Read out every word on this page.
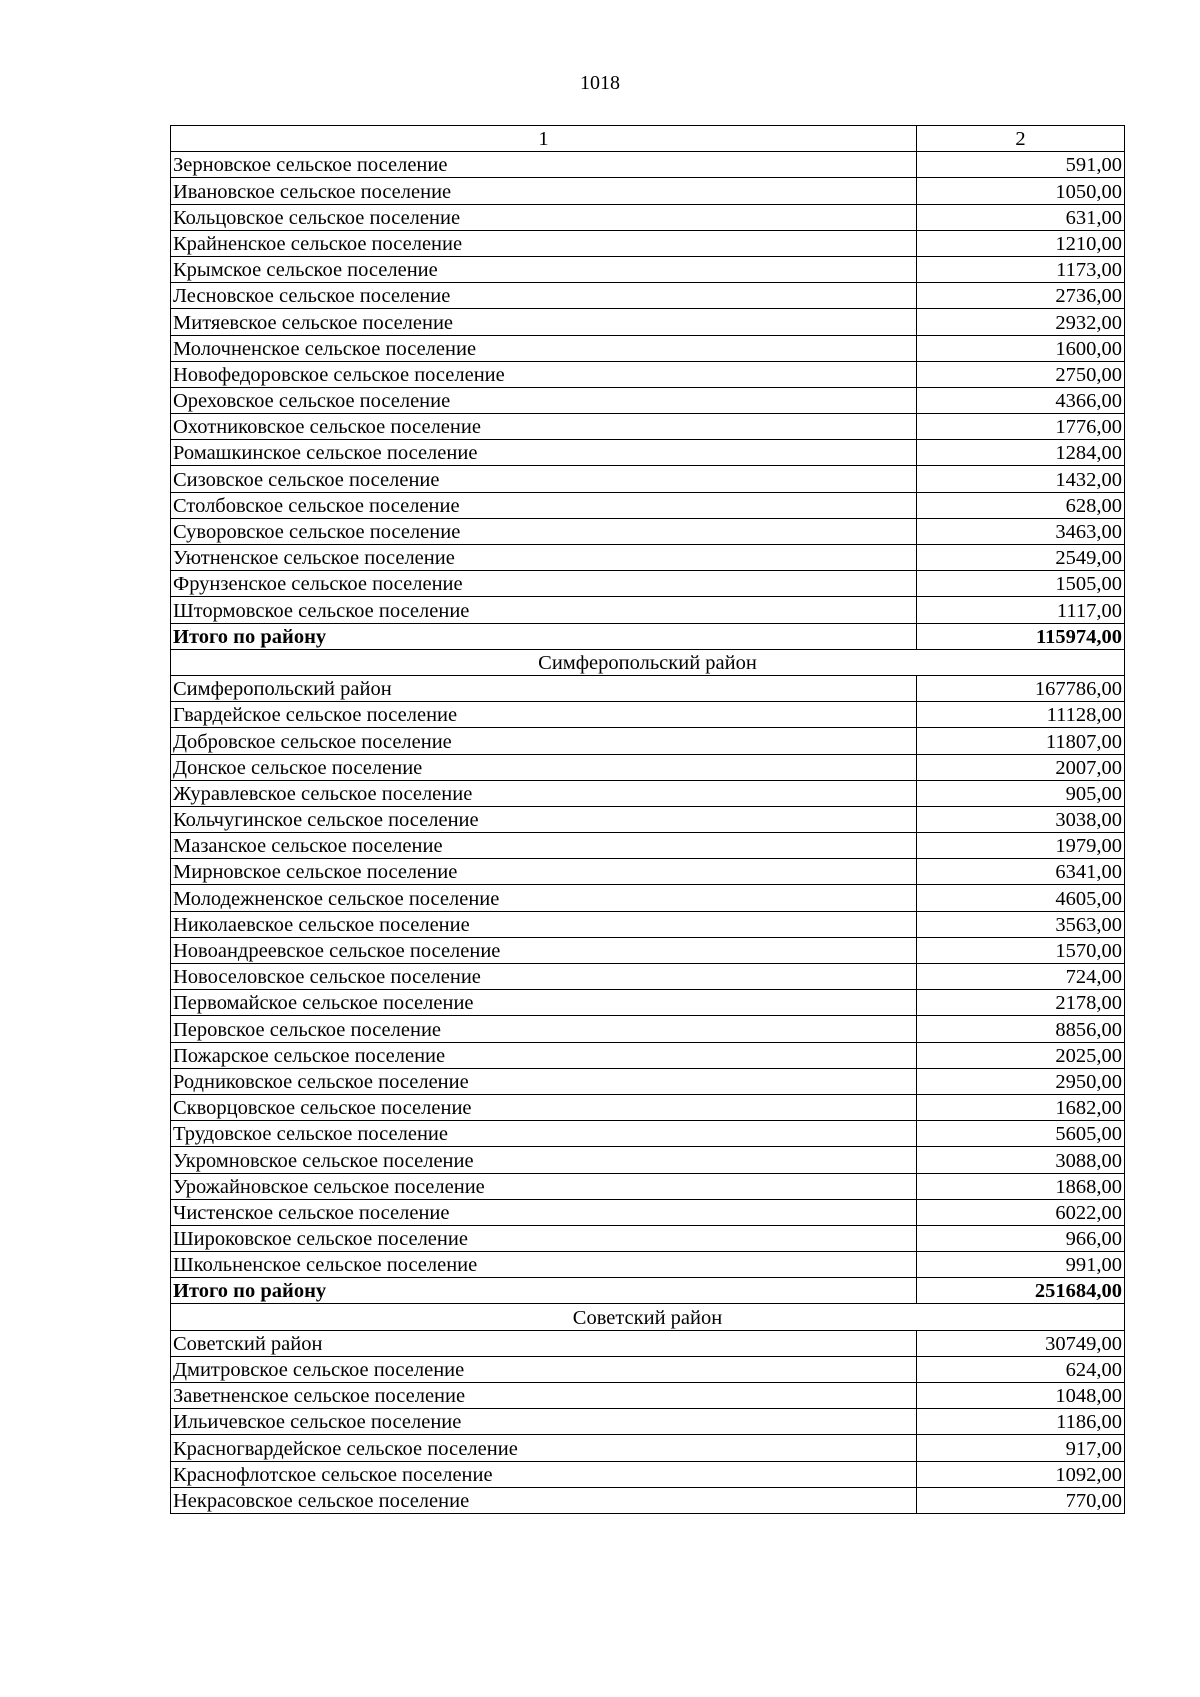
1018
1	2
Зерновское сельское поселение	591,00
Ивановское сельское поселение	1050,00
Кольцовское сельское поселение	631,00
Крайненское сельское поселение	1210,00
Крымское сельское поселение	1173,00
Лесновское сельское поселение	2736,00
Митяевское сельское поселение	2932,00
Молочненское сельское поселение	1600,00
Новофедоровское сельское поселение	2750,00
Ореховское сельское поселение	4366,00
Охотниковское сельское поселение	1776,00
Ромашкинское сельское поселение	1284,00
Сизовское сельское поселение	1432,00
Столбовское сельское поселение	628,00
Суворовское сельское поселение	3463,00
Уютненское сельское поселение	2549,00
Фрунзенское сельское поселение	1505,00
Штормовское сельское поселение	1117,00
Итого по району	115974,00
Симферопольский район	
Симферопольский район	167786,00
Гвардейское сельское поселение	11128,00
Добровское сельское поселение	11807,00
Донское сельское поселение	2007,00
Журавлевское сельское поселение	905,00
Кольчугинское сельское поселение	3038,00
Мазанское сельское поселение	1979,00
Мирновское сельское поселение	6341,00
Молодежненское сельское поселение	4605,00
Николаевское сельское поселение	3563,00
Новоандреевское сельское поселение	1570,00
Новоселовское сельское поселение	724,00
Первомайское сельское поселение	2178,00
Перовское сельское поселение	8856,00
Пожарское сельское поселение	2025,00
Родниковское сельское поселение	2950,00
Скворцовское сельское поселение	1682,00
Трудовское сельское поселение	5605,00
Укромновское сельское поселение	3088,00
Урожайновское сельское поселение	1868,00
Чистенское сельское поселение	6022,00
Широковское сельское поселение	966,00
Школьненское сельское поселение	991,00
Итого по району	251684,00
Советский район	
Советский район	30749,00
Дмитровское сельское поселение	624,00
Заветненское сельское поселение	1048,00
Ильичевское сельское поселение	1186,00
Красногвардейское сельское поселение	917,00
Краснофлотское сельское поселение	1092,00
Некрасовское сельское поселение	770,00
